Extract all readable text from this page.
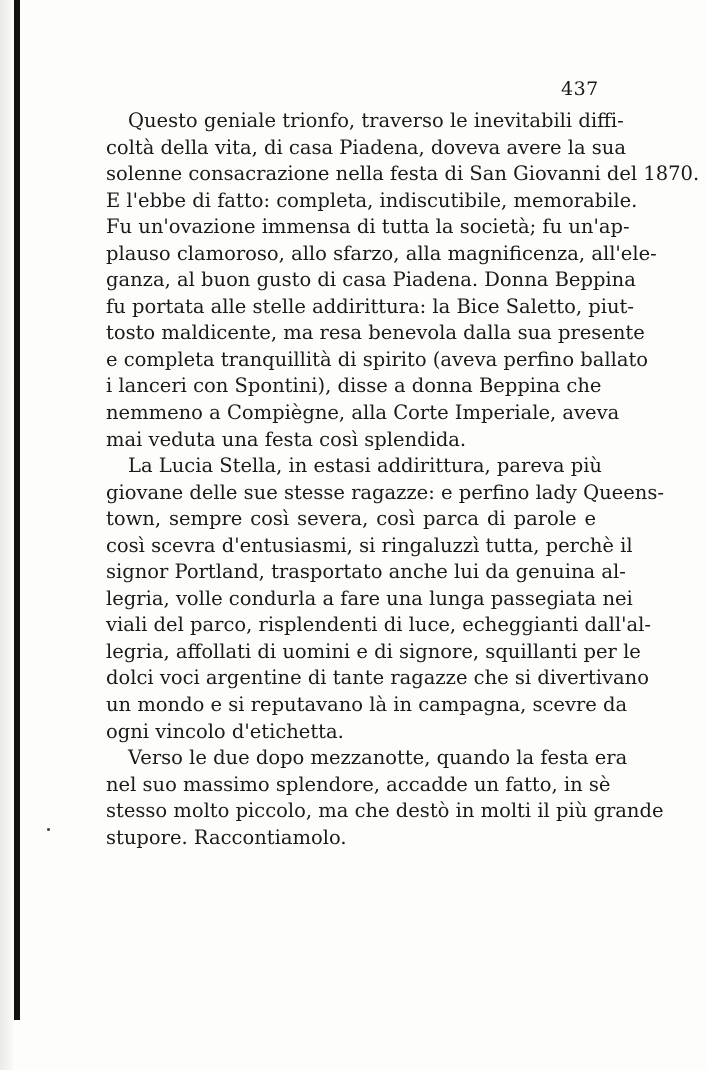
437
Questo geniale trionfo, traverso le inevitabili diffi-
coltà della vita, di casa Piadena, doveva avere la sua
solenne consacrazione nella festa di San Giovanni del 1870.
E l'ebbe di fatto: completa, indiscutibile, memorabile.
Fu un'ovazione immensa di tutta la società; fu un'ap-
plauso clamoroso, allo sfarzo, alla magnificenza, all'ele-
ganza, al buon gusto di casa Piadena. Donna Beppina
fu portata alle stelle addirittura: la Bice Saletto, piut-
tosto maldicente, ma resa benevola dalla sua presente
e completa tranquillità di spirito (aveva perfino ballato
i lanceri con Spontini), disse a donna Beppina che
nemmeno a Compiègne, alla Corte Imperiale, aveva
mai veduta una festa così splendida.
La Lucia Stella, in estasi addirittura, pareva più
giovane delle sue stesse ragazze: e perfino lady Queens-
town, sempre così severa, così parca di parole e
così scevra d'entusiasmi, si ringaluzzì tutta, perchè il
signor Portland, trasportato anche lui da genuina al-
legria, volle condurla a fare una lunga passegiata nei
viali del parco, risplendenti di luce, echeggianti dall'al-
legria, affollati di uomini e di signore, squillanti per le
dolci voci argentine di tante ragazze che si divertivano
un mondo e si reputavano là in campagna, scevre da
ogni vincolo d'etichetta.
Verso le due dopo mezzanotte, quando la festa era
nel suo massimo splendore, accadde un fatto, in sè
stesso molto piccolo, ma che destò in molti il più grande
stupore. Raccontiamolo.
